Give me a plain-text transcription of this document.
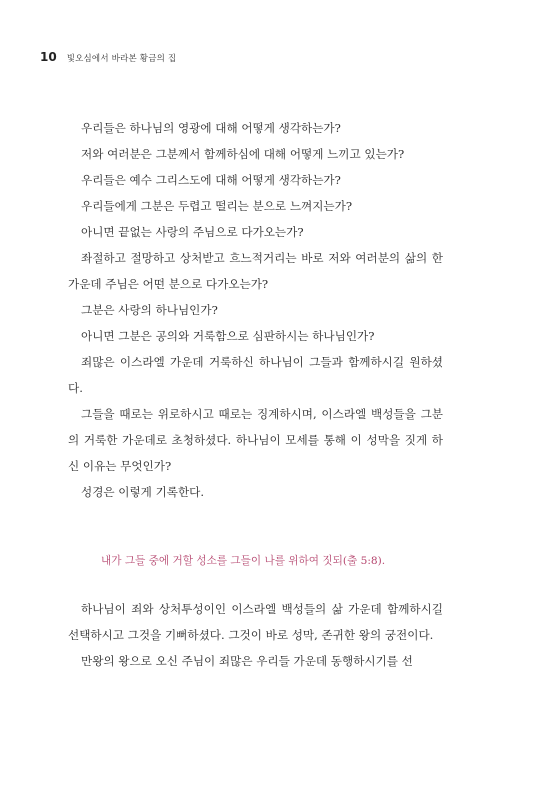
10 빛오심에서 바라본 황금의 집

우리들은 하나님의 영광에 대해 어떻게 생각하는가?

저와 여러분은 그분께서 함께하심에 대해 어떻게 느끼고 있는가?

우리들은 예수 그리스도에 대해 어떻게 생각하는가?

우리들에게 그분은 두렵고 떨리는 분으로 느껴지는가?

아니면 끝없는 사랑의 주님으로 다가오는가?

좌절하고 절망하고 상처받고 흐느적거리는 바로 저와 여러분의 삶의 한가운데 주님은 어떤 분으로 다가오는가?

그분은 사랑의 하나님인가?

아니면 그분은 공의와 거룩함으로 심판하시는 하나님인가?

죄많은 이스라엘 가운데 거룩하신 하나님이 그들과 함께하시길 원하셨다.

그들을 때로는 위로하시고 때로는 징계하시며, 이스라엘 백성들을 그분의 거룩한 가운데로 초청하셨다. 하나님이 모세를 통해 이 성막을 짓게 하신 이유는 무엇인가?

성경은 이렇게 기록한다.

내가 그들 중에 거할 성소를 그들이 나를 위하여 짓되(출 5:8).

하나님이 죄와 상처투성이인 이스라엘 백성들의 삶 가운데 함께하시길 선택하시고 그것을 기뻐하셨다. 그것이 바로 성막, 존귀한 왕의 궁전이다.

만왕의 왕으로 오신 주님이 죄많은 우리들 가운데 동행하시기를 선
